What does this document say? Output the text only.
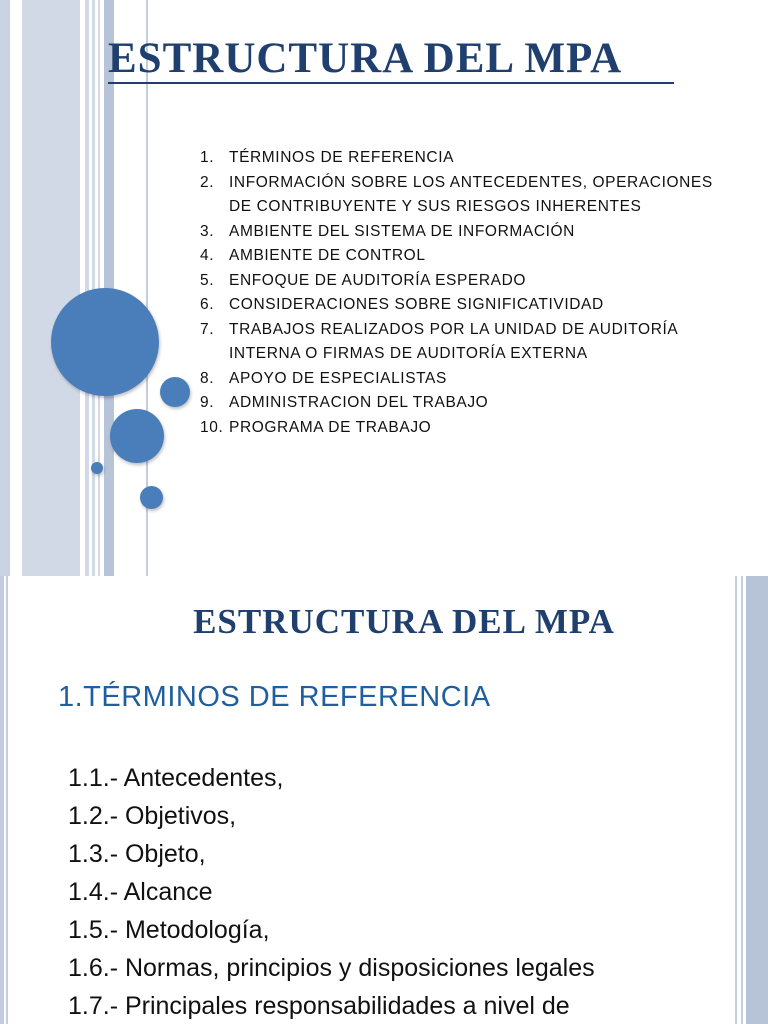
ESTRUCTURA DEL MPA
1. TÉRMINOS DE REFERENCIA
2. INFORMACIÓN SOBRE LOS ANTECEDENTES, OPERACIONES DE CONTRIBUYENTE Y SUS RIESGOS INHERENTES
3. AMBIENTE DEL SISTEMA DE INFORMACIÓN
4. AMBIENTE DE CONTROL
5. ENFOQUE DE AUDITORÍA ESPERADO
6. CONSIDERACIONES SOBRE SIGNIFICATIVIDAD
7. TRABAJOS REALIZADOS POR LA UNIDAD DE AUDITORÍA INTERNA O FIRMAS DE AUDITORÍA EXTERNA
8. APOYO DE ESPECIALISTAS
9. ADMINISTRACION DEL TRABAJO
10. PROGRAMA DE TRABAJO
ESTRUCTURA DEL MPA
1.TÉRMINOS DE REFERENCIA
1.1.- Antecedentes,
1.2.- Objetivos,
1.3.- Objeto,
1.4.- Alcance
1.5.- Metodología,
1.6.- Normas, principios y disposiciones legales
1.7.- Principales responsabilidades a nivel de
